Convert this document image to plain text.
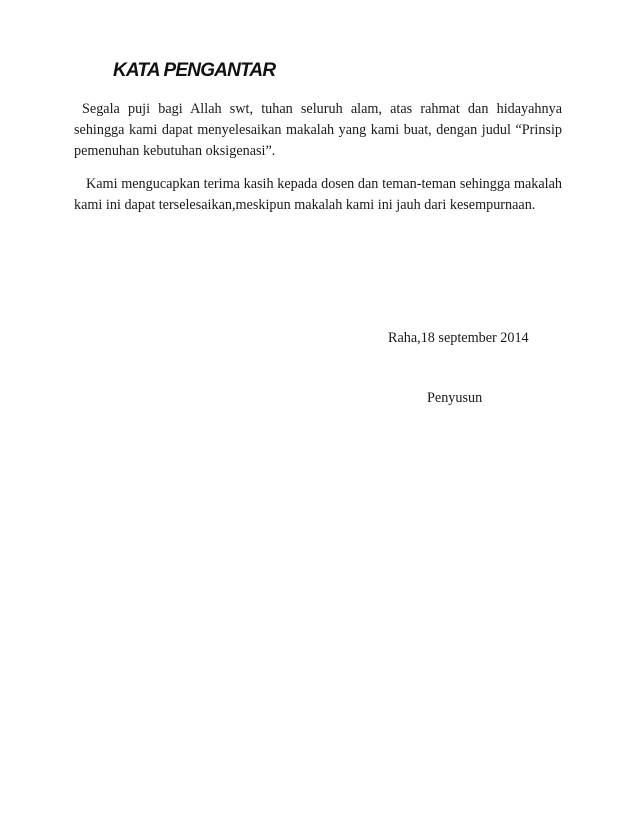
KATA PENGANTAR

Segala puji bagi Allah swt, tuhan seluruh alam, atas rahmat dan hidayahnya sehingga kami dapat menyelesaikan makalah yang kami buat, dengan judul “Prinsip pemenuhan kebutuhan oksigenasi”.

Kami mengucapkan terima kasih kepada dosen dan teman-teman sehingga makalah kami ini dapat terselesaikan,meskipun makalah kami ini jauh dari kesempurnaan.

Raha,18 september 2014
Penyusun
